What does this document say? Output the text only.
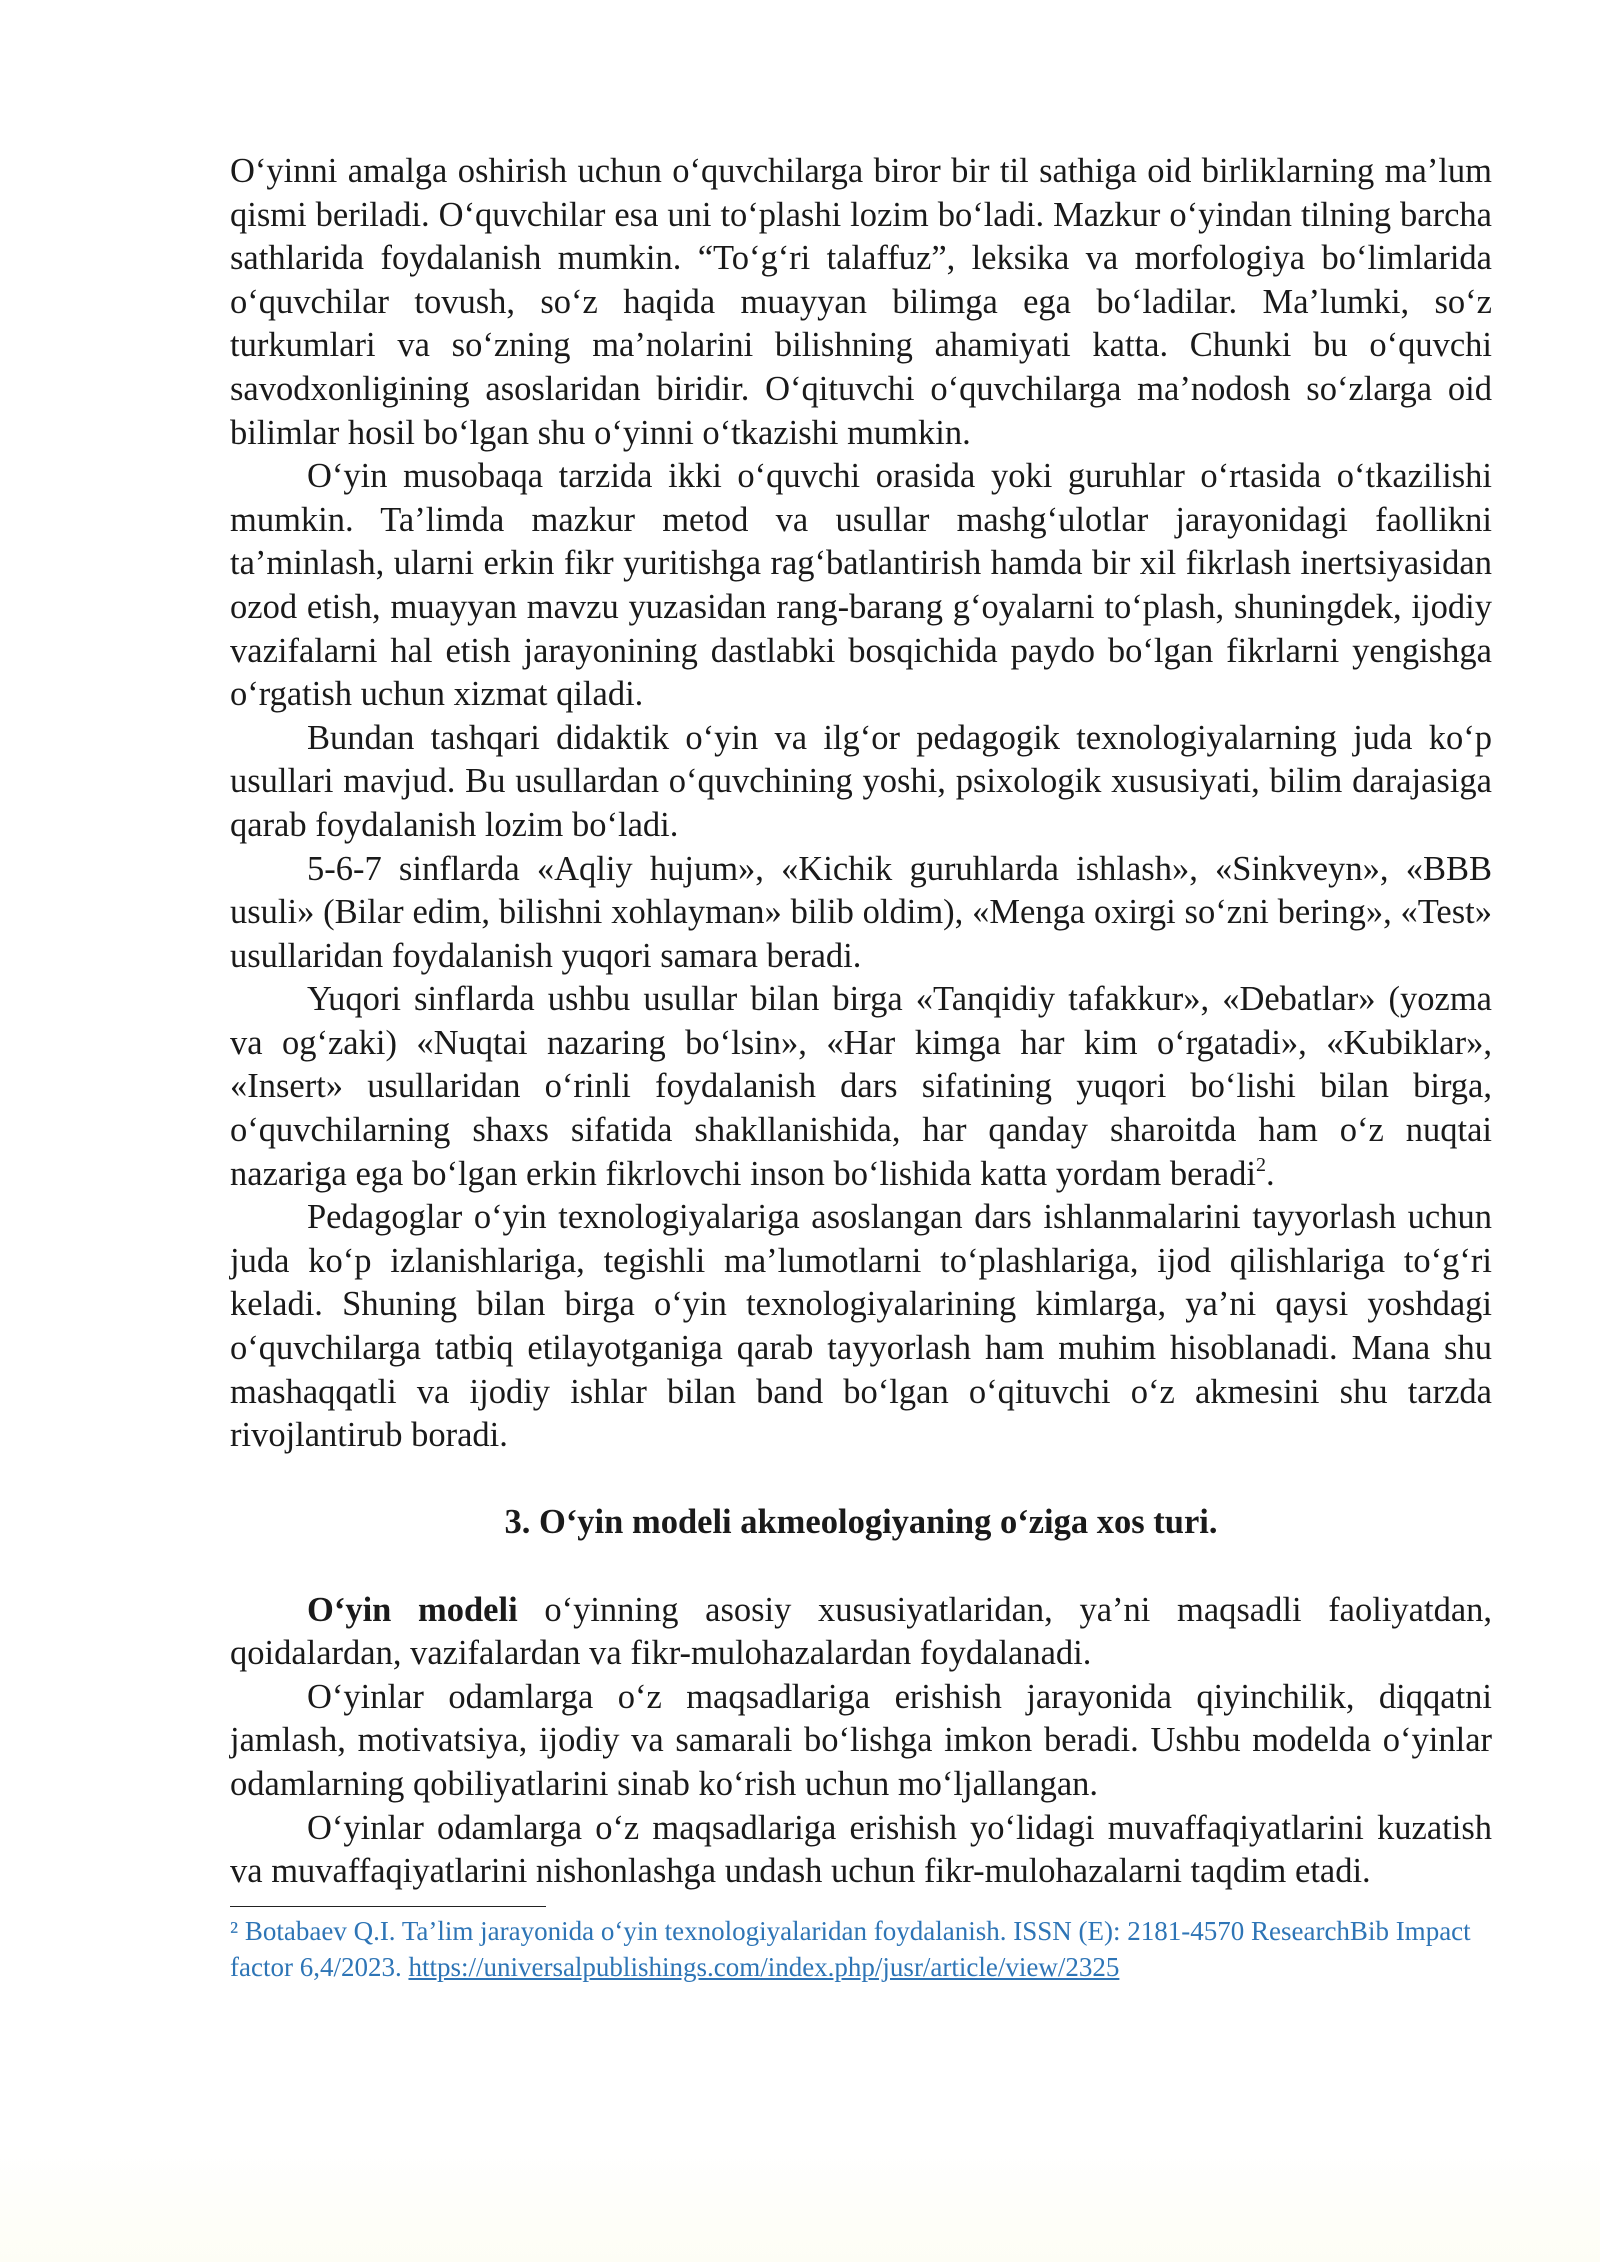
O‘yinni amalga oshirish uchun o‘quvchilarga biror bir til sathiga oid birliklarning ma’lum qismi beriladi. O‘quvchilar esa uni to‘plashi lozim bo‘ladi. Mazkur o‘yindan tilning barcha sathlarida foydalanish mumkin. “To‘g‘ri talaffuz”, leksika va morfologiya bo‘limlarida o‘quvchilar tovush, so‘z haqida muayyan bilimga ega bo‘ladilar. Ma’lumki, so‘z turkumlari va so‘zning ma’nolarini bilishning ahamiyati katta. Chunki bu o‘quvchi savodxonligining asoslaridan biridir. O‘qituvchi o‘quvchilarga ma’nodosh so‘zlarga oid bilimlar hosil bo‘lgan shu o‘yinni o‘tkazishi mumkin.

O‘yin musobaqa tarzida ikki o‘quvchi orasida yoki guruhlar o‘rtasida o‘tkazilishi mumkin. Ta’limda mazkur metod va usullar mashg‘ulotlar jarayonidagi faollikni ta’minlash, ularni erkin fikr yuritishga rag‘batlantirish hamda bir xil fikrlash inertsiyasidan ozod etish, muayyan mavzu yuzasidan rang-barang g‘oyalarni to‘plash, shuningdek, ijodiy vazifalarni hal etish jarayonining dastlabki bosqichida paydo bo‘lgan fikrlarni yengishga o‘rgatish uchun xizmat qiladi.

Bundan tashqari didaktik o‘yin va ilg‘or pedagogik texnologiyalarning juda ko‘p usullari mavjud. Bu usullardan o‘quvchining yoshi, psixologik xususiyati, bilim darajasiga qarab foydalanish lozim bo‘ladi.

5-6-7 sinflarda «Aqliy hujum», «Kichik guruhlarda ishlash», «Sinkveyn», «BBB usuli» (Bilar edim, bilishni xohlayman» bilib oldim), «Menga oxirgi so‘zni bering», «Test» usullaridan foydalanish yuqori samara beradi.

Yuqori sinflarda ushbu usullar bilan birga «Tanqidiy tafakkur», «Debatlar» (yozma va og‘zaki) «Nuqtai nazaring bo‘lsin», «Har kimga har kim o‘rgatadi», «Kubiklar», «Insert» usullaridan o‘rinli foydalanish dars sifatining yuqori bo‘lishi bilan birga, o‘quvchilarning shaxs sifatida shakllanishida, har qanday sharoitda ham o‘z nuqtai nazariga ega bo‘lgan erkin fikrlovchi inson bo‘lishida katta yordam beradi$^2$.

Pedagoglar o‘yin texnologiyalariga asoslangan dars ishlanmalarini tayyorlash uchun juda ko‘p izlanishlariga, tegishli ma’lumotlarni to‘plashlariga, ijod qilishlariga to‘g‘ri keladi. Shuning bilan birga o‘yin texnologiyalarining kimlarga, ya’ni qaysi yoshdagi o‘quvchilarga tatbiq etilayotganiga qarab tayyorlash ham muhim hisoblanadi. Mana shu mashaqqatli va ijodiy ishlar bilan band bo‘lgan o‘qituvchi o‘z akmesini shu tarzda rivojlantirub boradi.

3. O‘yin modeli akmeologiyaning o‘ziga xos turi.

O‘yin modeli o‘yinning asosiy xususiyatlaridan, ya’ni maqsadli faoliyatdan, qoidalardan, vazifalardan va fikr-mulohazalardan foydalanadi.

O‘yinlar odamlarga o‘z maqsadlariga erishish jarayonida qiyinchilik, diqqatni jamlash, motivatsiya, ijodiy va samarali bo‘lishga imkon beradi. Ushbu modelda o‘yinlar odamlarning qobiliyatlarini sinab ko‘rish uchun mo‘ljallangan.

O‘yinlar odamlarga o‘z maqsadlariga erishish yo‘lidagi muvaffaqiyatlarini kuzatish va muvaffaqiyatlarini nishonlashga undash uchun fikr-mulohazalarni taqdim etadi.

² Botabaev Q.I. Ta’lim jarayonida o‘yin texnologiyalaridan foydalanish. ISSN (E): 2181-4570 ResearchBib Impact factor 6,4/2023. https://universalpublishings.com/index.php/jusr/article/view/2325
